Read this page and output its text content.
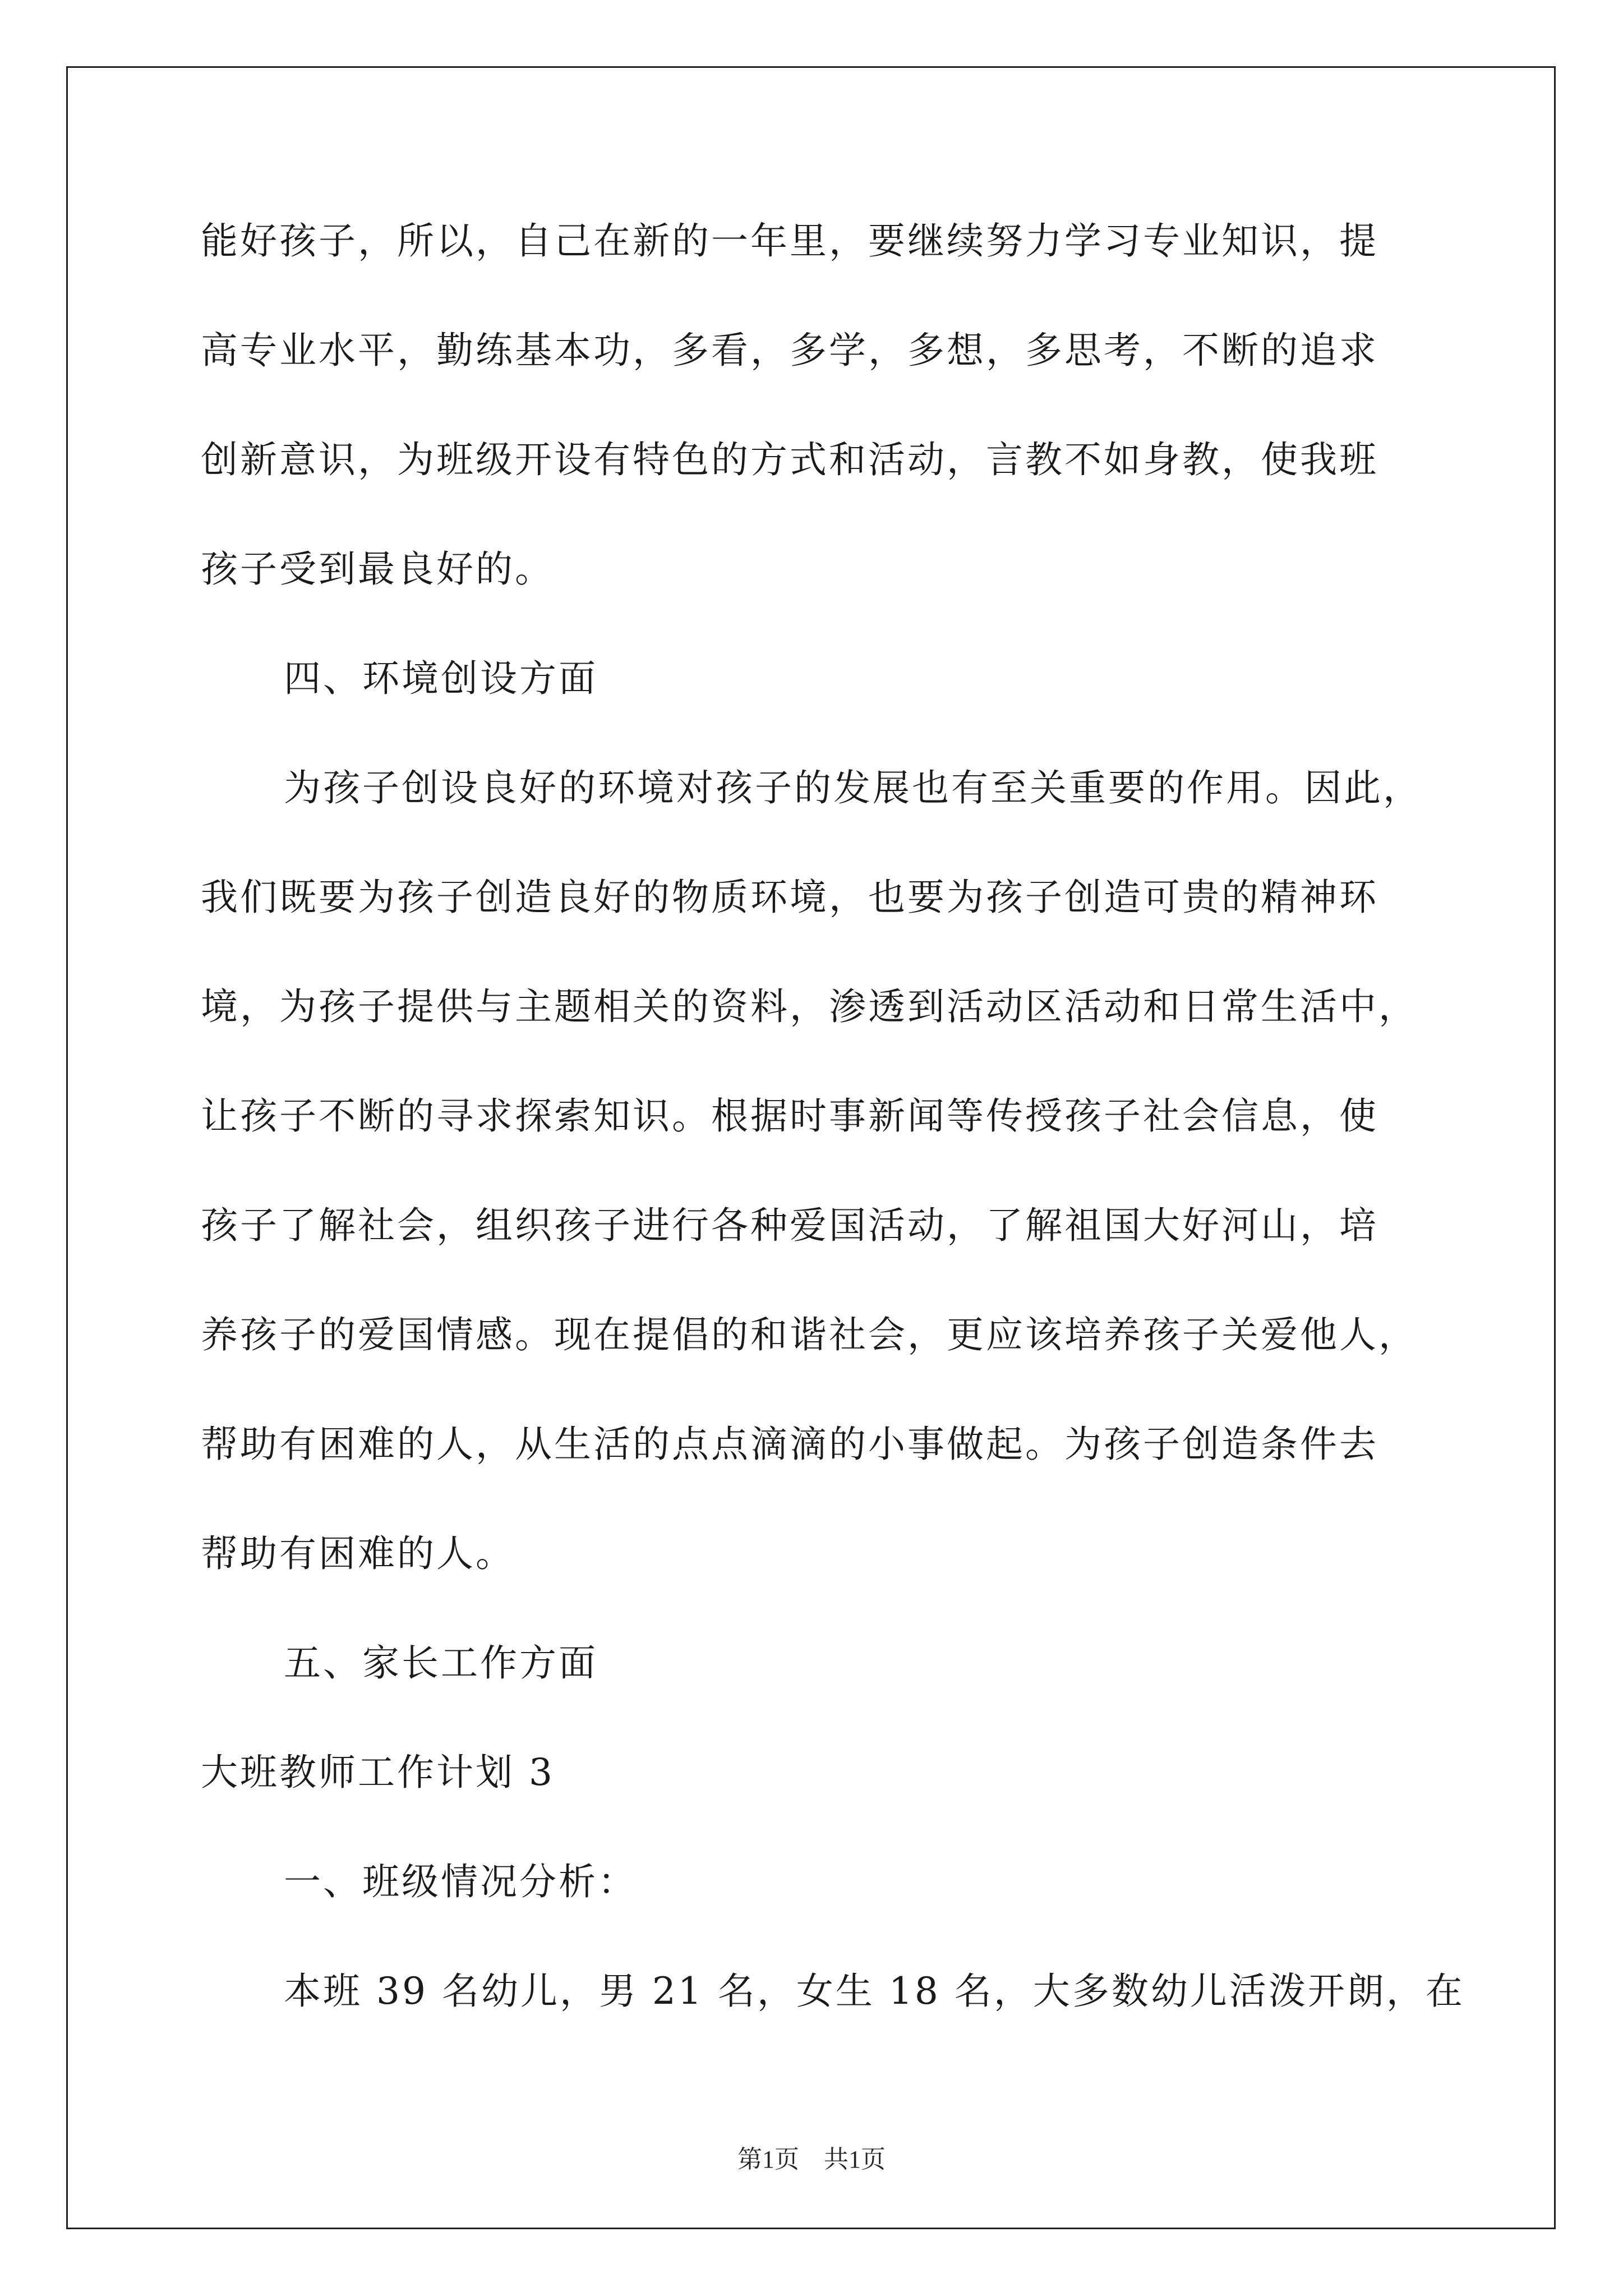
能好孩子，所以，自己在新的一年里，要继续努力学习专业知识，提
高专业水平，勤练基本功，多看，多学，多想，多思考，不断的追求
创新意识，为班级开设有特色的方式和活动，言教不如身教，使我班
孩子受到最良好的。
四、环境创设方面
为孩子创设良好的环境对孩子的发展也有至关重要的作用。因此，
我们既要为孩子创造良好的物质环境，也要为孩子创造可贵的精神环
境，为孩子提供与主题相关的资料，渗透到活动区活动和日常生活中，
让孩子不断的寻求探索知识。根据时事新闻等传授孩子社会信息，使
孩子了解社会，组织孩子进行各种爱国活动，了解祖国大好河山，培
养孩子的爱国情感。现在提倡的和谐社会，更应该培养孩子关爱他人，
帮助有困难的人，从生活的点点滴滴的小事做起。为孩子创造条件去
帮助有困难的人。
五、家长工作方面
大班教师工作计划 3
一、班级情况分析：
本班 39 名幼儿，男 21 名，女生 18 名，大多数幼儿活泼开朗，在
第1页　共1页
